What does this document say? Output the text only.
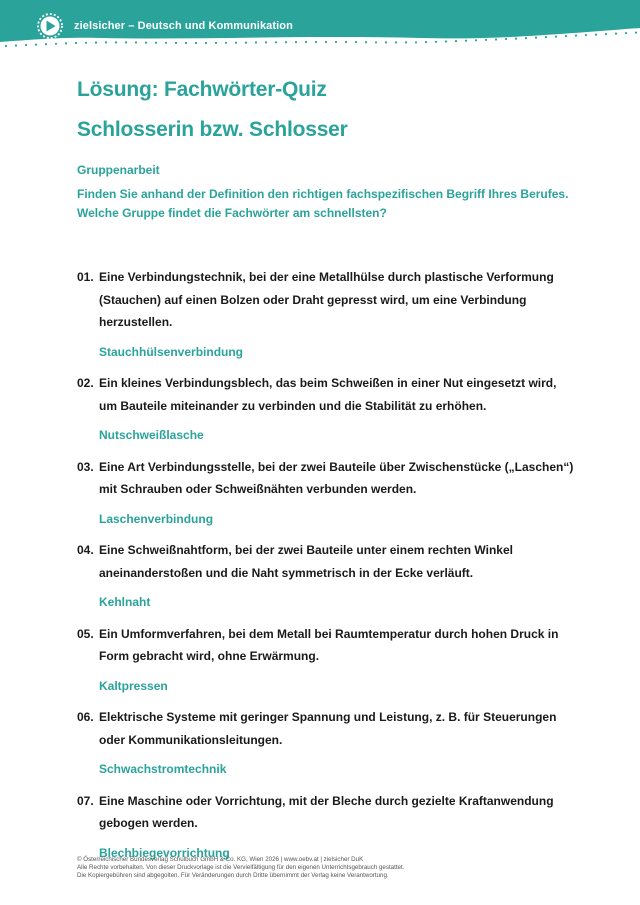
zielsicher – Deutsch und Kommunikation
Lösung: Fachwörter-Quiz
Schlosserin bzw. Schlosser

Gruppenarbeit

Finden Sie anhand der Definition den richtigen fachspezifischen Begriff Ihres Berufes. Welche Gruppe findet die Fachwörter am schnellsten?

01. Eine Verbindungstechnik, bei der eine Metallhülse durch plastische Verformung (Stauchen) auf einen Bolzen oder Draht gepresst wird, um eine Verbindung herzustellen.
Stauchhülsenverbindung
02. Ein kleines Verbindungsblech, das beim Schweißen in einer Nut eingesetzt wird, um Bauteile miteinander zu verbinden und die Stabilität zu erhöhen.
Nutschweißlasche
03. Eine Art Verbindungsstelle, bei der zwei Bauteile über Zwischenstücke („Laschen“) mit Schrauben oder Schweißnähten verbunden werden.
Laschenverbindung
04. Eine Schweißnahtform, bei der zwei Bauteile unter einem rechten Winkel aneinanderstoßen und die Naht symmetrisch in der Ecke verläuft.
Kehlnaht
05. Ein Umformverfahren, bei dem Metall bei Raumtemperatur durch hohen Druck in Form gebracht wird, ohne Erwärmung.
Kaltpressen
06. Elektrische Systeme mit geringer Spannung und Leistung, z. B. für Steuerungen oder Kommunikationsleitungen.
Schwachstromtechnik
07. Eine Maschine oder Vorrichtung, mit der Bleche durch gezielte Kraftanwendung gebogen werden.
Blechbiegevorrichtung
© Österreichischer Bundesverlag Schulbuch GmbH & Co. KG, Wien 2026 | www.oebv.at | zielsicher DuK
Alle Rechte vorbehalten. Von dieser Druckvorlage ist die Vervielfältigung für den eigenen Unterrichtsgebrauch gestattet.
Die Kopiergebühren sind abgegolten. Für Veränderungen durch Dritte übernimmt der Verlag keine Verantwortung.
